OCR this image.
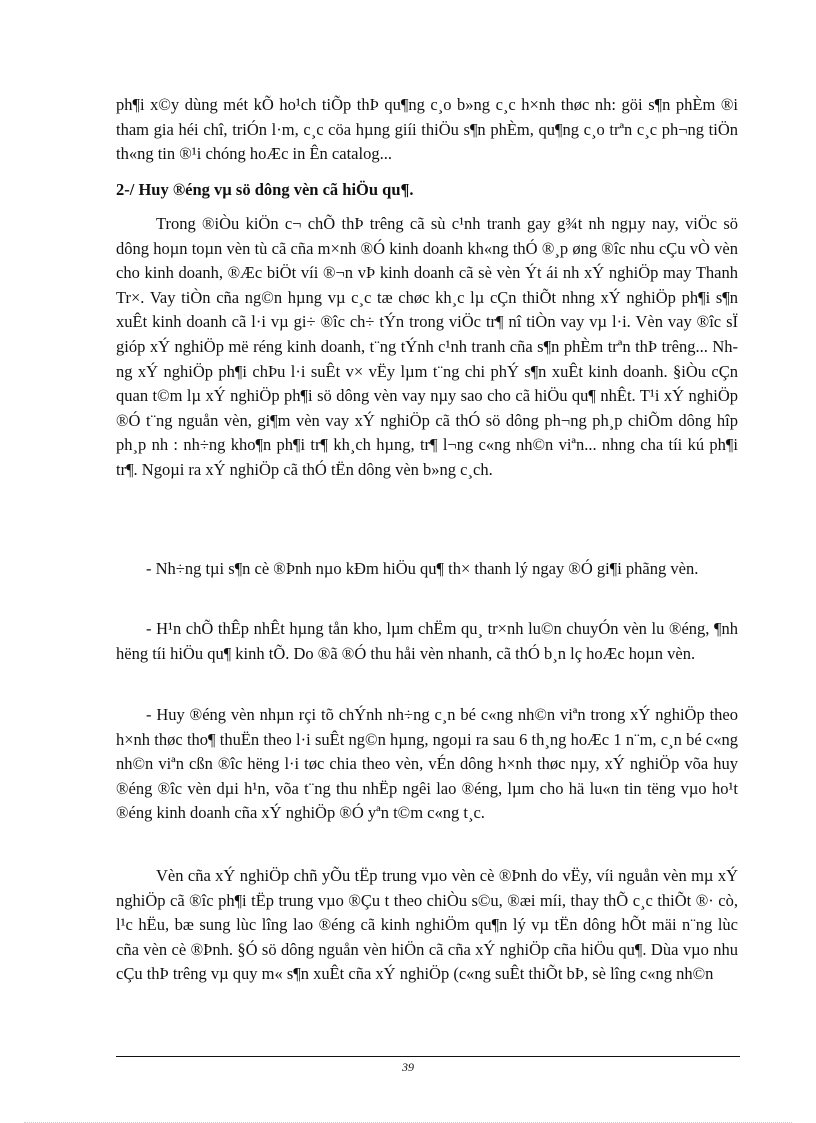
ph¶i x©y dùng mét kÕ ho¹ch tiÕp thÞ qu¶ng c¸o b»ng c¸c h×nh thøc nh: göi s¶n phÈm ®i tham gia héi chî, triÓn l·m, c¸c cöa hµng giíi thiÖu s¶n phÈm, qu¶ng c¸o trªn c¸c ph¬ng tiÖn th«ng tin ®¹i chóng hoÆc in Ên catalog...

2-/ Huy ®éng vµ sö dông vèn cã hiÖu qu¶.

Trong ®iÒu kiÖn c¬ chÕ thÞ trêng cã sù c¹nh tranh gay g¾t nh ngµy nay, viÖc sö dông hoµn toµn vèn tù cã cña m×nh ®Ó kinh doanh kh«ng thÓ ®¸p øng ®îc nhu cÇu vÒ vèn cho kinh doanh, ®Æc biÖt víi ®¬n vÞ kinh doanh cã sè vèn Ýt ái nh xÝ nghiÖp may Thanh Tr×. Vay tiÒn cña ng©n hµng vµ c¸c tæ chøc kh¸c lµ cÇn thiÕt nhng xÝ nghiÖp ph¶i s¶n xuÊt kinh doanh cã l·i vµ gi÷ ®îc ch÷ tÝn trong viÖc tr¶ nî tiÒn vay vµ l·i. Vèn vay ®îc sÏ gióp xÝ nghiÖp më réng kinh doanh, t¨ng tÝnh c¹nh tranh cña s¶n phÈm trªn thÞ trêng... Nhng xÝ nghiÖp ph¶i chÞu l·i suÊt v× vËy lµm t¨ng chi phÝ s¶n xuÊt kinh doanh. §iÒu cÇn quan t©m lµ xÝ nghiÖp ph¶i sö dông vèn vay nµy sao cho cã hiÖu qu¶ nhÊt. T¹i xÝ nghiÖp ®Ó t¨ng nguån vèn, gi¶m vèn vay xÝ nghiÖp cã thÓ sö dông ph¬ng ph¸p chiÕm dông hîp ph¸p nh : nh÷ng kho¶n ph¶i tr¶ kh¸ch hµng, tr¶ l¬ng c«ng nh©n viªn... nhng cha tíi kú ph¶i tr¶. Ngoµi ra xÝ nghiÖp cã thÓ tËn dông vèn b»ng c¸ch.

- Nh÷ng tµi s¶n cè ®Þnh nµo kÐm hiÖu qu¶ th× thanh lý ngay ®Ó gi¶i phãng vèn.

- H¹n chÕ thÊp nhÊt hµng tån kho, lµm chËm qu¸ tr×nh lu©n chuyÓn vèn lu ®éng, ¶nh hëng tíi hiÖu qu¶ kinh tÕ. Do ®ã ®Ó thu håi vèn nhanh, cã thÓ b¸n lç hoÆc hoµn vèn.

- Huy ®éng vèn nhµn rçi tõ chÝnh nh÷ng c¸n bé c«ng nh©n viªn trong xÝ nghiÖp theo h×nh thøc tho¶ thuËn theo l·i suÊt ng©n hµng, ngoµi ra sau 6 th¸ng hoÆc 1 n¨m, c¸n bé c«ng nh©n viªn cßn ®îc hëng l·i tøc chia theo vèn, vÉn dông h×nh thøc nµy, xÝ nghiÖp võa huy ®éng ®îc vèn dµi h¹n, võa t¨ng thu nhËp ngêi lao ®éng, lµm cho hä lu«n tin tëng vµo ho¹t ®éng kinh doanh cña xÝ nghiÖp ®Ó yªn t©m c«ng t¸c.

Vèn cña xÝ nghiÖp chñ yÕu tËp trung vµo vèn cè ®Þnh do vËy, víi nguån vèn mµ xÝ nghiÖp cã ®îc ph¶i tËp trung vµo ®Çu t theo chiÒu s©u, ®æi míi, thay thÕ c¸c thiÕt ®· cò, l¹c hËu, bæ sung lùc lîng lao ®éng cã kinh nghiÖm qu¶n lý vµ tËn dông hÕt mäi n¨ng lùc cña vèn cè ®Þnh. §Ó sö dông nguån vèn hiÖn cã cña xÝ nghiÖp cña hiÖu qu¶. Dùa vµo nhu cÇu thÞ trêng vµ quy m« s¶n xuÊt cña xÝ nghiÖp (c«ng suÊt thiÕt bÞ, sè lîng c«ng nh©n

39
